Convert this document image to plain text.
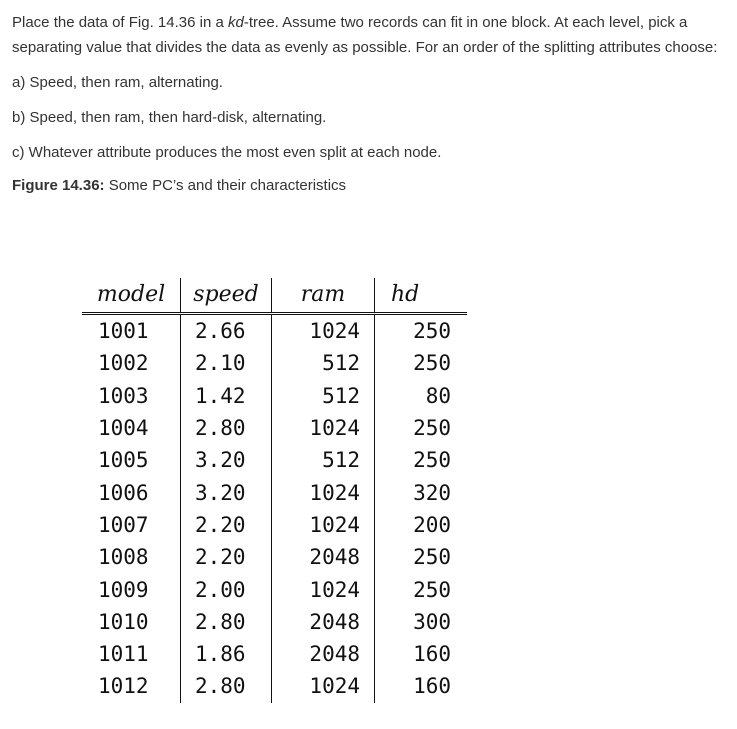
Place the data of Fig. 14.36 in a kd-tree. Assume two records can fit in one block. At each level, pick a separating value that divides the data as evenly as possible. For an order of the splitting attributes choose:

a) Speed, then ram, alternating.

b) Speed, then ram, then hard-disk, alternating.

c) Whatever attribute produces the most even split at each node.

Figure 14.36: Some PC’s and their characteristics

model	speed	ram	hd
1001	2.66	1024	250
1002	2.10	512	250
1003	1.42	512	80
1004	2.80	1024	250
1005	3.20	512	250
1006	3.20	1024	320
1007	2.20	1024	200
1008	2.20	2048	250
1009	2.00	1024	250
1010	2.80	2048	300
1011	1.86	2048	160
1012	2.80	1024	160
